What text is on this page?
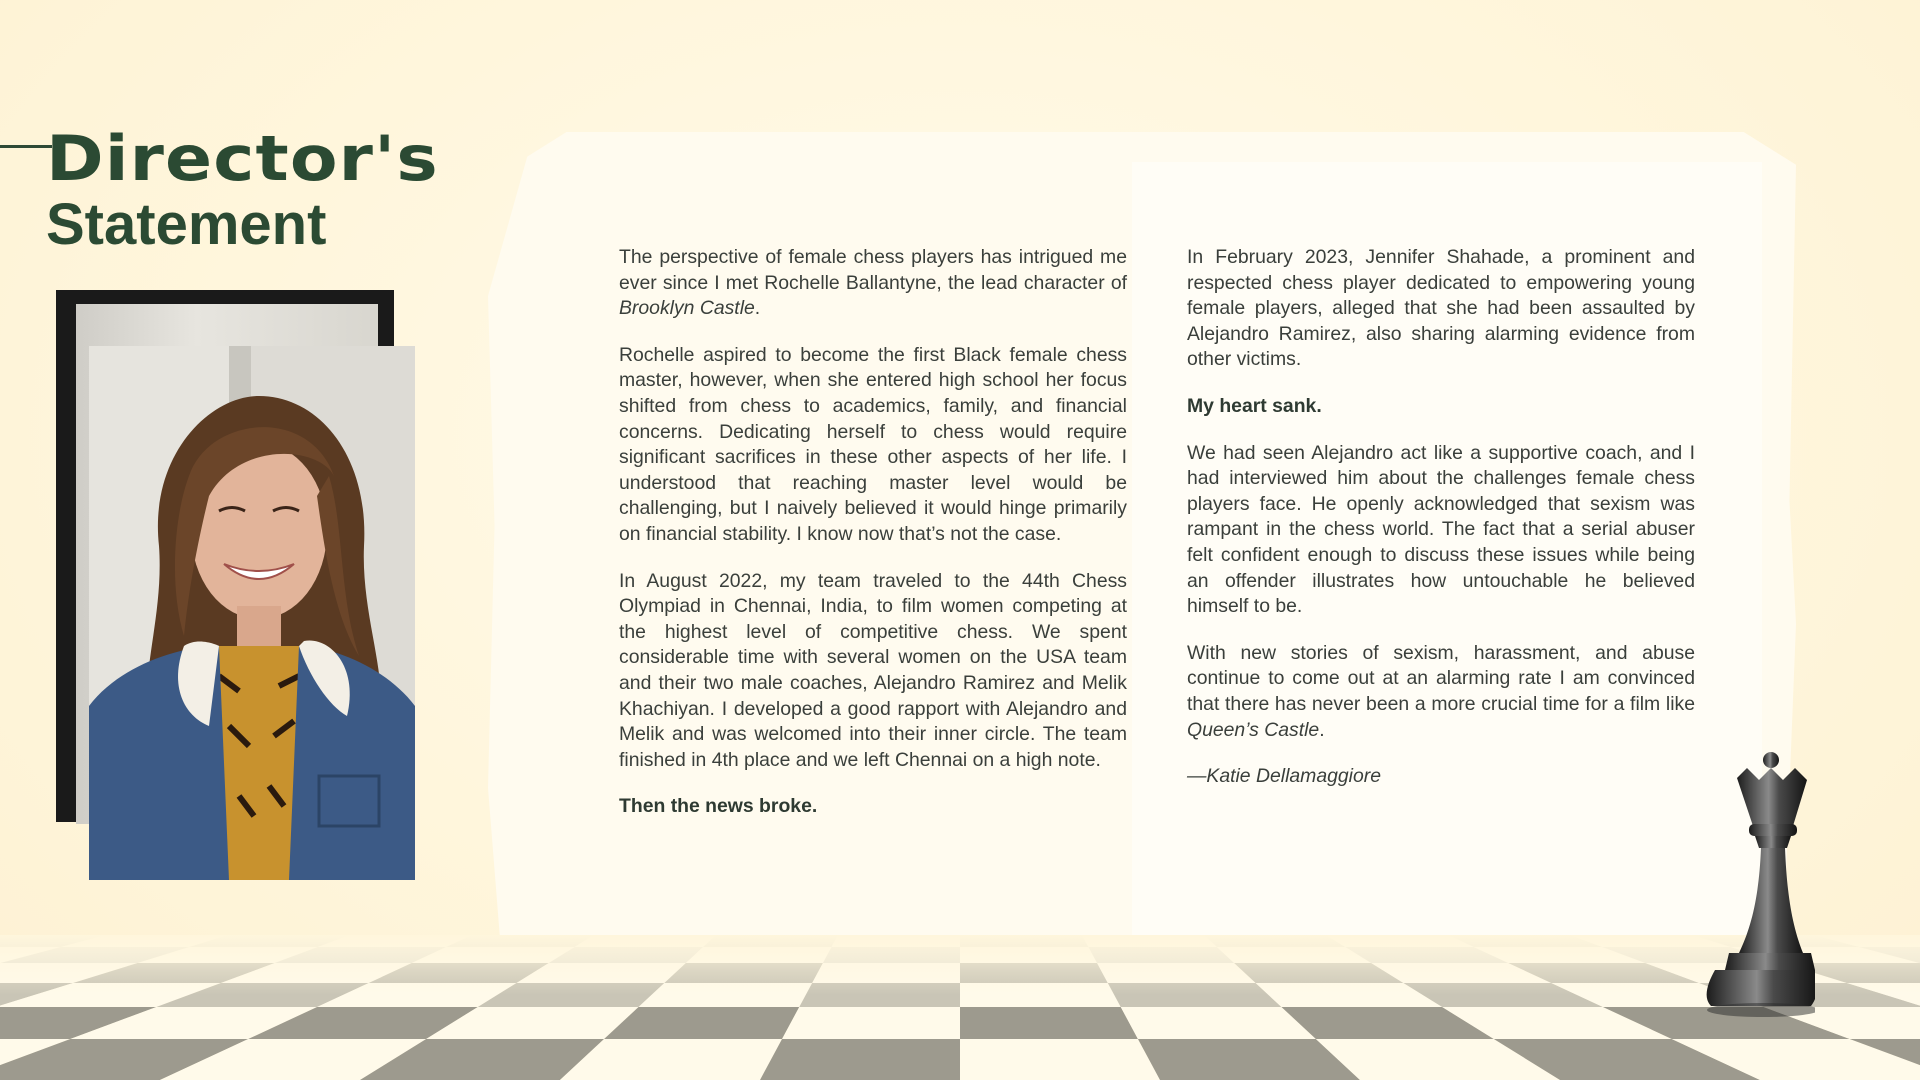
Director's
Statement	The perspective of female chess players has intrigued me ever since I met Rochelle Ballantyne, the lead character of Brooklyn Castle.

Rochelle aspired to become the first Black female chess master, however, when she entered high school her focus shifted from chess to academics, family, and financial concerns. Dedicating herself to chess would require significant sacrifices in these other aspects of her life. I understood that reaching master level would be challenging, but I naively believed it would hinge primarily on financial stability. I know now that’s not the case.

In August 2022, my team traveled to the 44th Chess Olympiad in Chennai, India, to film women competing at the highest level of competitive chess. We spent considerable time with several women on the USA team and their two male coaches, Alejandro Ramirez and Melik Khachiyan. I developed a good rapport with Alejandro and Melik and was welcomed into their inner circle. The team finished in 4th place and we left Chennai on a high note.

Then the news broke.

In February 2023, Jennifer Shahade, a prominent and respected chess player dedicated to empowering young female players, alleged that she had been assaulted by Alejandro Ramirez, also sharing alarming evidence from other victims.

My heart sank.

We had seen Alejandro act like a supportive coach, and I had interviewed him about the challenges female chess players face. He openly acknowledged that sexism was rampant in the chess world. The fact that a serial abuser felt confident enough to discuss these issues while being an offender illustrates how untouchable he believed himself to be.

With new stories of sexism, harassment, and abuse continue to come out at an alarming rate I am convinced that there has never been a more crucial time for a film like Queen’s Castle.

—Katie Dellamaggiore
